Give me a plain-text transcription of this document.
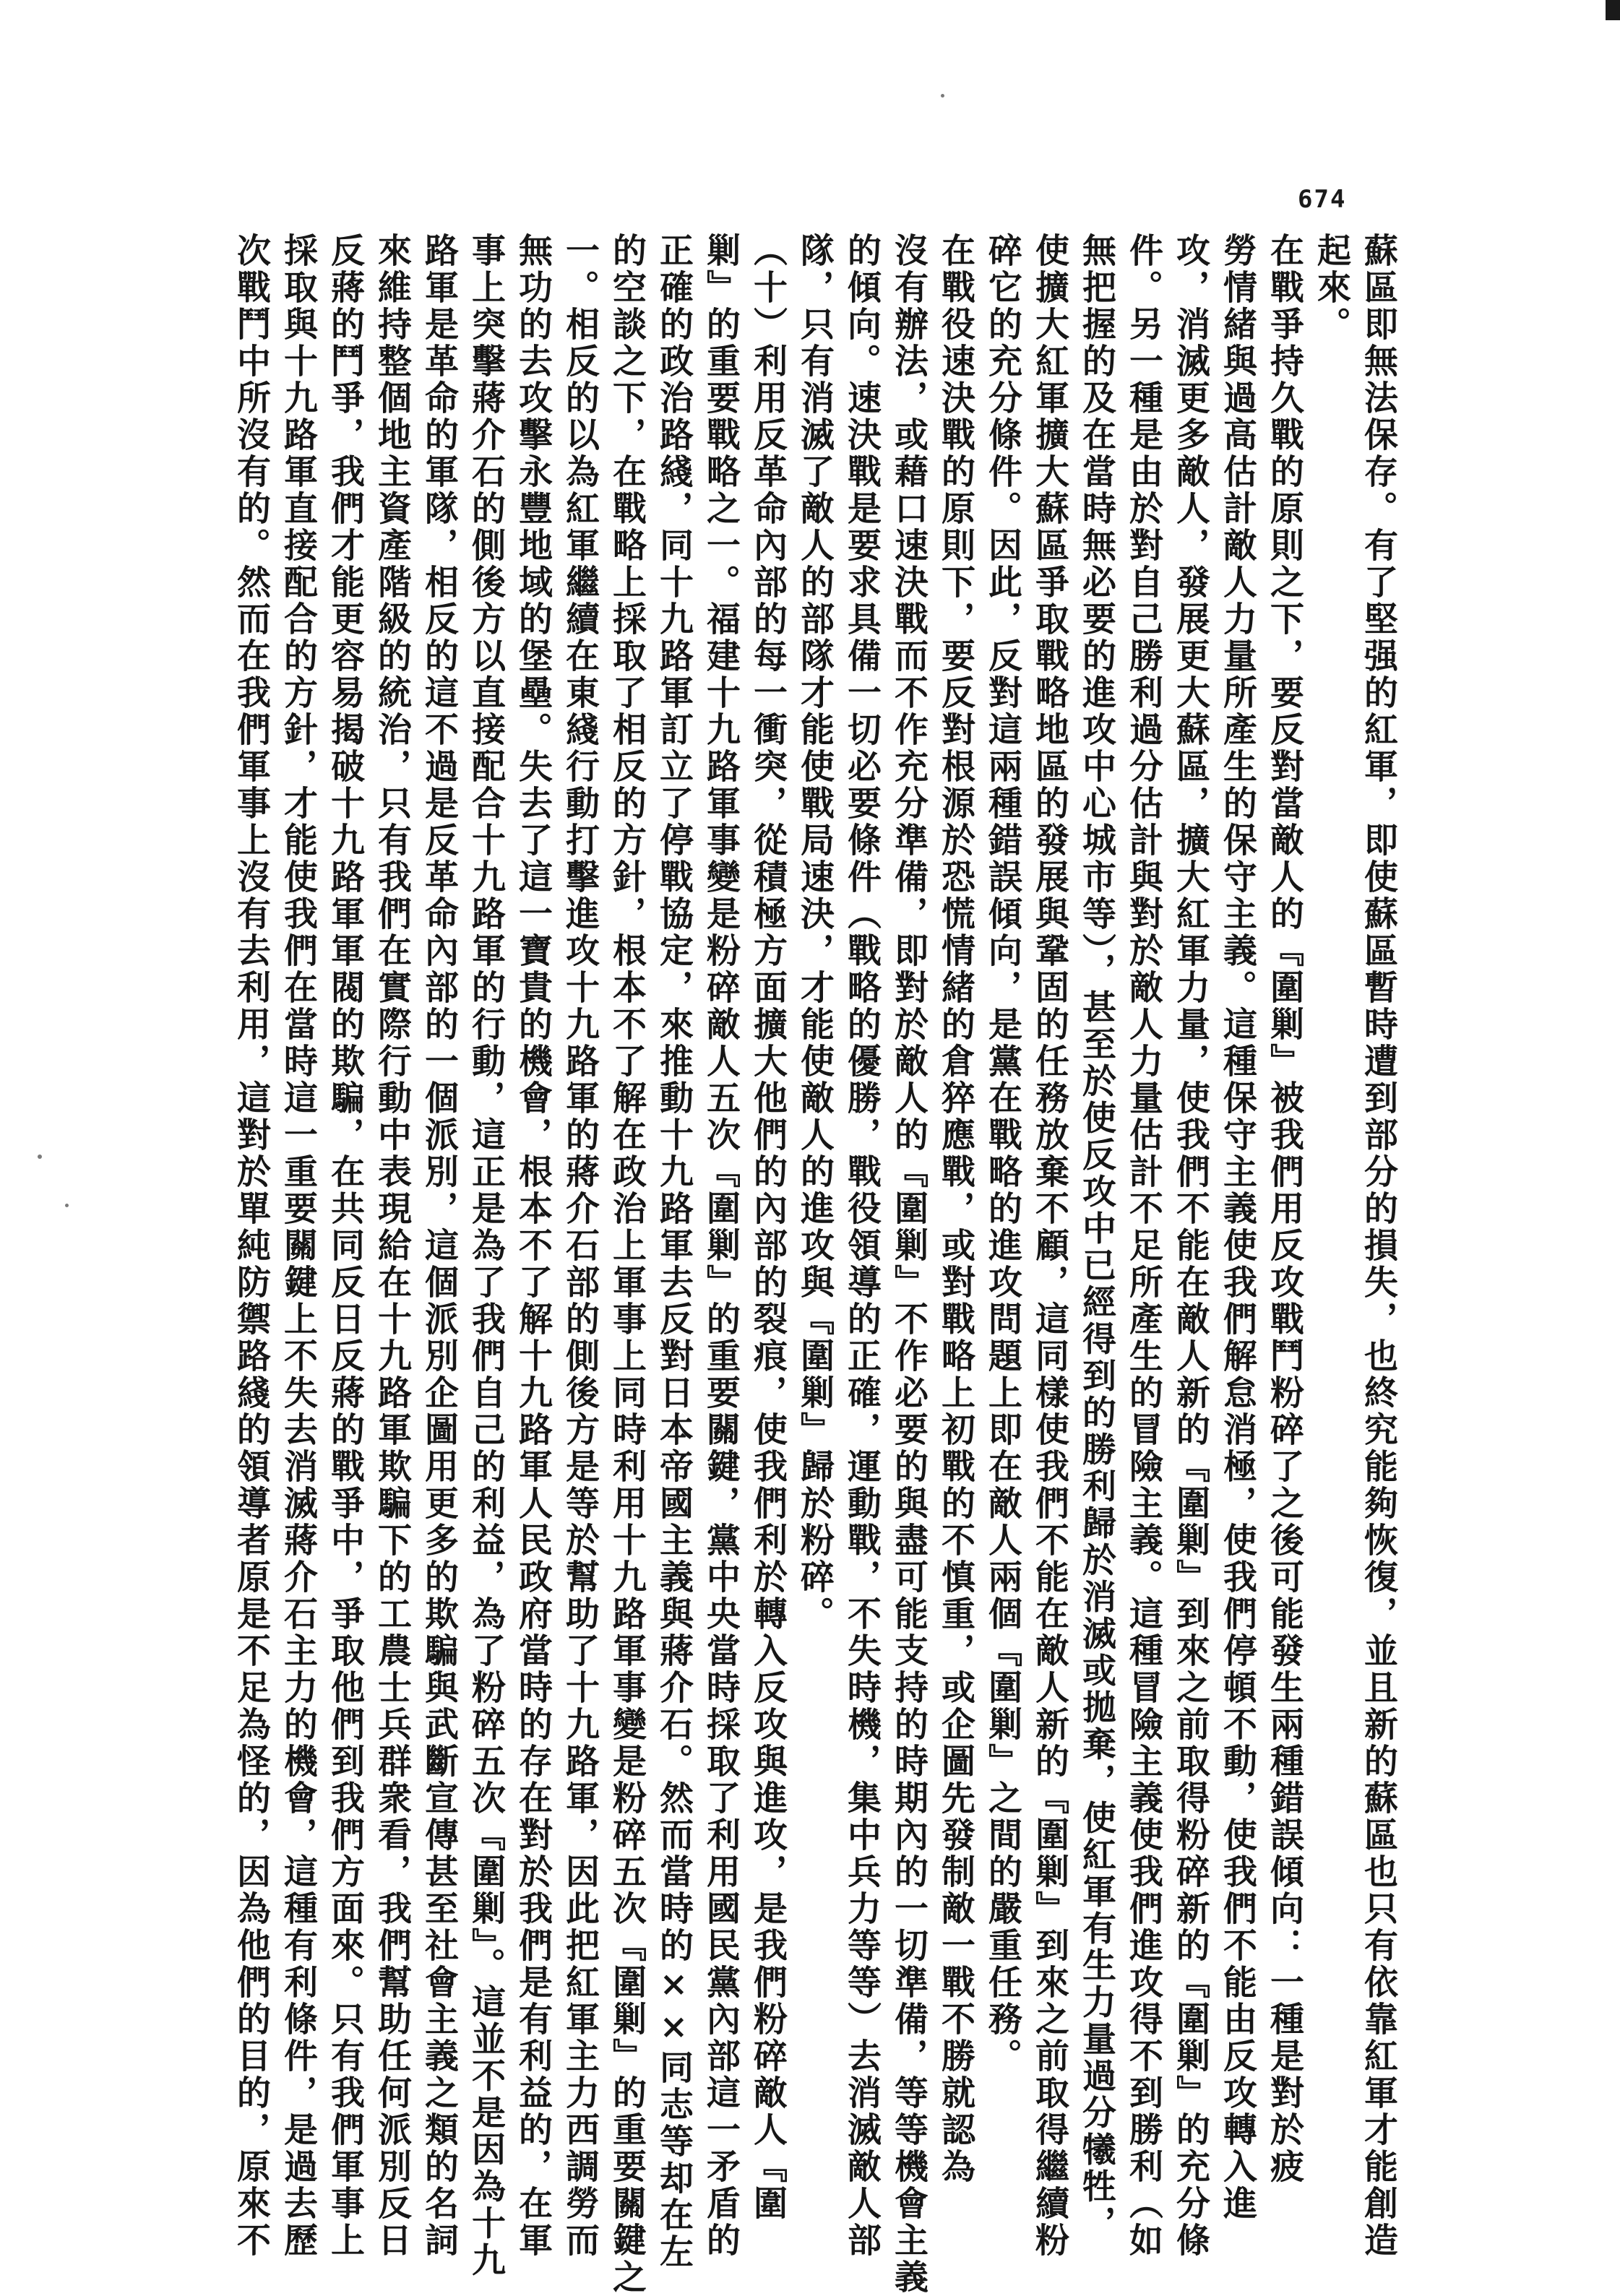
674
蘇區即無法保存。有了堅强的紅軍，即使蘇區暫時遭到部分的損失，也終究能夠恢復，並且新的蘇區也只有依靠紅軍才能創造
起來。
在戰爭持久戰的原則之下，要反對當敵人的『圍剿』被我們用反攻戰鬥粉碎了之後可能發生兩種錯誤傾向：一種是對於疲
勞情緒與過高估計敵人力量所產生的保守主義。這種保守主義使我們解怠消極，使我們停頓不動，使我們不能由反攻轉入進
攻，消滅更多敵人，發展更大蘇區，擴大紅軍力量，使我們不能在敵人新的『圍剿』到來之前取得粉碎新的『圍剿』的充分條
件。另一種是由於對自己勝利過分估計與對於敵人力量估計不足所產生的冒險主義。這種冒險主義使我們進攻得不到勝利（如
無把握的及在當時無必要的進攻中心城市等），甚至於使反攻中已經得到的勝利歸於消滅或拋棄，使紅軍有生力量過分犧牲，
使擴大紅軍擴大蘇區爭取戰略地區的發展與鞏固的任務放棄不顧，這同樣使我們不能在敵人新的『圍剿』到來之前取得繼續粉
碎它的充分條件。因此，反對這兩種錯誤傾向，是黨在戰略的進攻問題上即在敵人兩個『圍剿』之間的嚴重任務。
在戰役速決戰的原則下，要反對根源於恐慌情緒的倉猝應戰，或對戰略上初戰的不慎重，或企圖先發制敵一戰不勝就認為
沒有辦法，或藉口速決戰而不作充分準備，即對於敵人的『圍剿』不作必要的與盡可能支持的時期內的一切準備，等等機會主義
的傾向。速決戰是要求具備一切必要條件（戰略的優勝，戰役領導的正確，運動戰，不失時機，集中兵力等等）去消滅敵人部
隊，只有消滅了敵人的部隊才能使戰局速決，才能使敵人的進攻與『圍剿』歸於粉碎。
（十）利用反革命內部的每一衝突，從積極方面擴大他們的內部的裂痕，使我們利於轉入反攻與進攻，是我們粉碎敵人『圍
剿』的重要戰略之一。福建十九路軍事變是粉碎敵人五次『圍剿』的重要關鍵，黨中央當時採取了利用國民黨內部這一矛盾的
正確的政治路綫，同十九路軍訂立了停戰協定，來推動十九路軍去反對日本帝國主義與蔣介石。然而當時的××同志等却在左
的空談之下，在戰略上採取了相反的方針，根本不了解在政治上軍事上同時利用十九路軍事變是粉碎五次『圍剿』的重要關鍵之
一。相反的以為紅軍繼續在東綫行動打擊進攻十九路軍的蔣介石部的側後方是等於幫助了十九路軍，因此把紅軍主力西調勞而
無功的去攻擊永豐地域的堡壘。失去了這一寶貴的機會，根本不了解十九路軍人民政府當時的存在對於我們是有利益的，在軍
事上突擊蔣介石的側後方以直接配合十九路軍的行動，這正是為了我們自己的利益，為了粉碎五次『圍剿』。這並不是因為十九
路軍是革命的軍隊，相反的這不過是反革命內部的一個派別，這個派別企圖用更多的欺騙與武斷宣傳甚至社會主義之類的名詞
來維持整個地主資產階級的統治，只有我們在實際行動中表現給在十九路軍欺騙下的工農士兵群衆看，我們幫助任何派別反日
反蔣的鬥爭，我們才能更容易揭破十九路軍軍閥的欺騙，在共同反日反蔣的戰爭中，爭取他們到我們方面來。只有我們軍事上
採取與十九路軍直接配合的方針，才能使我們在當時這一重要關鍵上不失去消滅蔣介石主力的機會，這種有利條件，是過去歷
次戰鬥中所沒有的。然而在我們軍事上沒有去利用，這對於單純防禦路綫的領導者原是不足為怪的，因為他們的目的，原來不
